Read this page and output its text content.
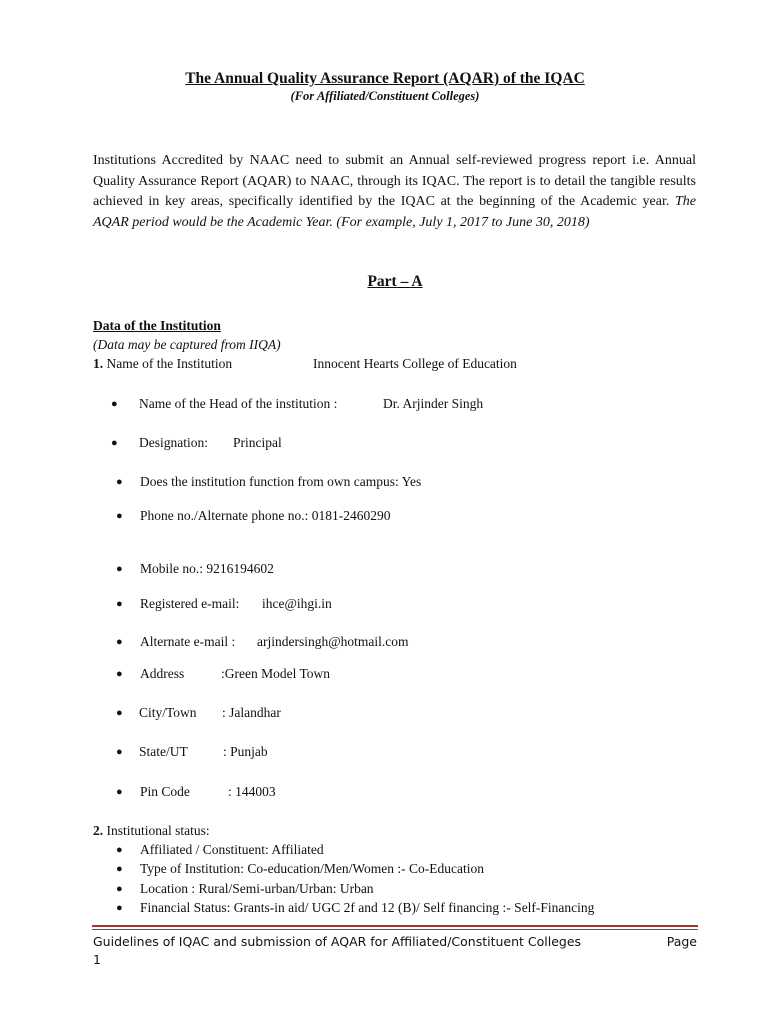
The Annual Quality Assurance Report (AQAR) of the IQAC
(For Affiliated/Constituent Colleges)
Institutions Accredited by NAAC need to submit an Annual self-reviewed progress report i.e. Annual Quality Assurance Report (AQAR) to NAAC, through its IQAC. The report is to detail the tangible results achieved in key areas, specifically identified by the IQAC at the beginning of the Academic year. The AQAR period would be the Academic Year. (For example, July 1, 2017 to June 30, 2018)
Part – A
Data of the Institution
(Data may be captured from IIQA)
1. Name of the Institution	Innocent Hearts College of Education
● Name of the Head of the institution :	Dr. Arjinder Singh
● Designation: Principal
● Does the institution function from own campus: Yes
● Phone no./Alternate phone no.: 0181-2460290
● Mobile no.: 9216194602
● Registered e-mail: ihce@ihgi.in
● Alternate e-mail : arjindersingh@hotmail.com
● Address	:Green Model Town
● City/Town : Jalandhar
● State/UT	: Punjab
● Pin Code	: 144003
2. Institutional status:
● Affiliated / Constituent: Affiliated
● Type of Institution: Co-education/Men/Women :- Co-Education
● Location : Rural/Semi-urban/Urban: Urban
● Financial Status: Grants-in aid/ UGC 2f and 12 (B)/ Self financing :- Self-Financing
Guidelines of IQAC and submission of AQAR for Affiliated/Constituent Colleges	Page

1
